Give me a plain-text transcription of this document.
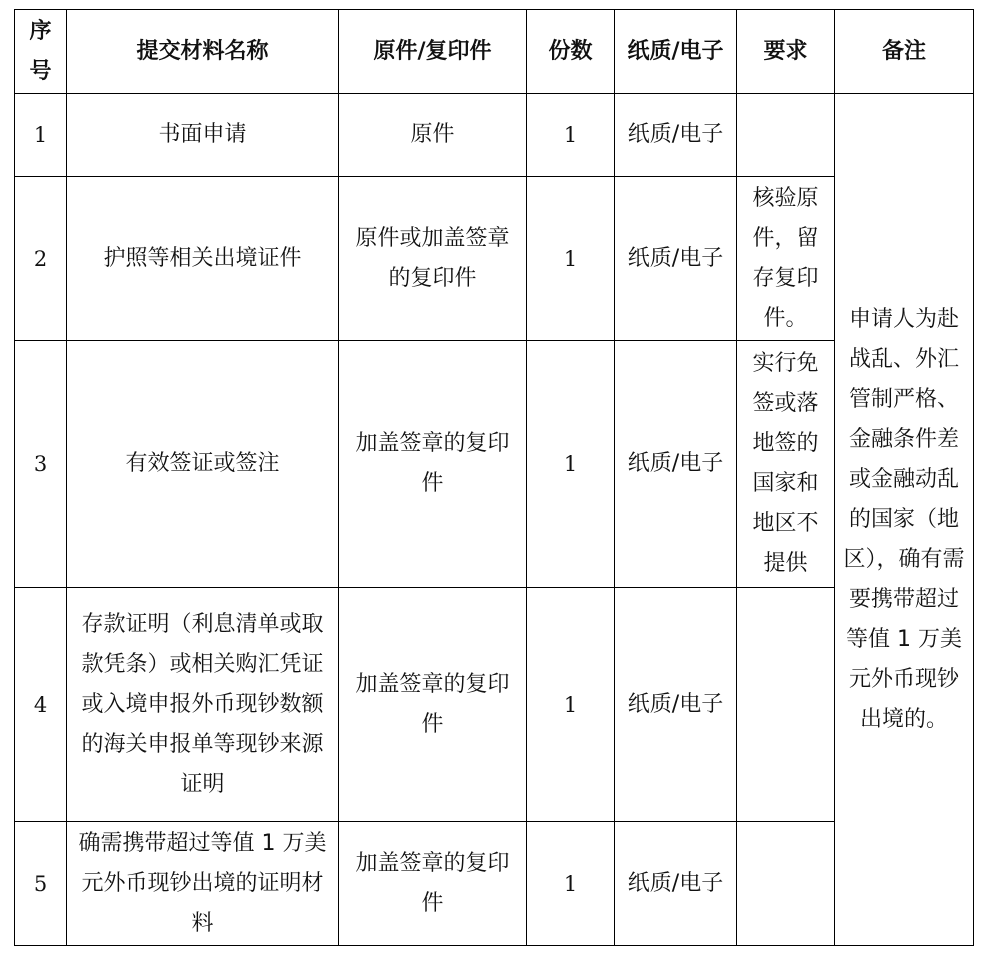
序号	提交材料名称	原件/复印件	份数	纸质/电子	要求	备注
1	书面申请	原件	1	纸质/电子		申请人为赴战乱、外汇管制严格、金融条件差或金融动乱的国家（地区），确有需要携带超过等值 1 万美元外币现钞出境的。
2	护照等相关出境证件	原件或加盖签章的复印件	1	纸质/电子	核验原件，留存复印件。	
3	有效签证或签注	加盖签章的复印件	1	纸质/电子	实行免签或落地签的国家和地区不提供	
4	存款证明（利息清单或取款凭条）或相关购汇凭证或入境申报外币现钞数额的海关申报单等现钞来源证明	加盖签章的复印件	1	纸质/电子		
5	确需携带超过等值 1 万美元外币现钞出境的证明材料	加盖签章的复印件	1	纸质/电子		
